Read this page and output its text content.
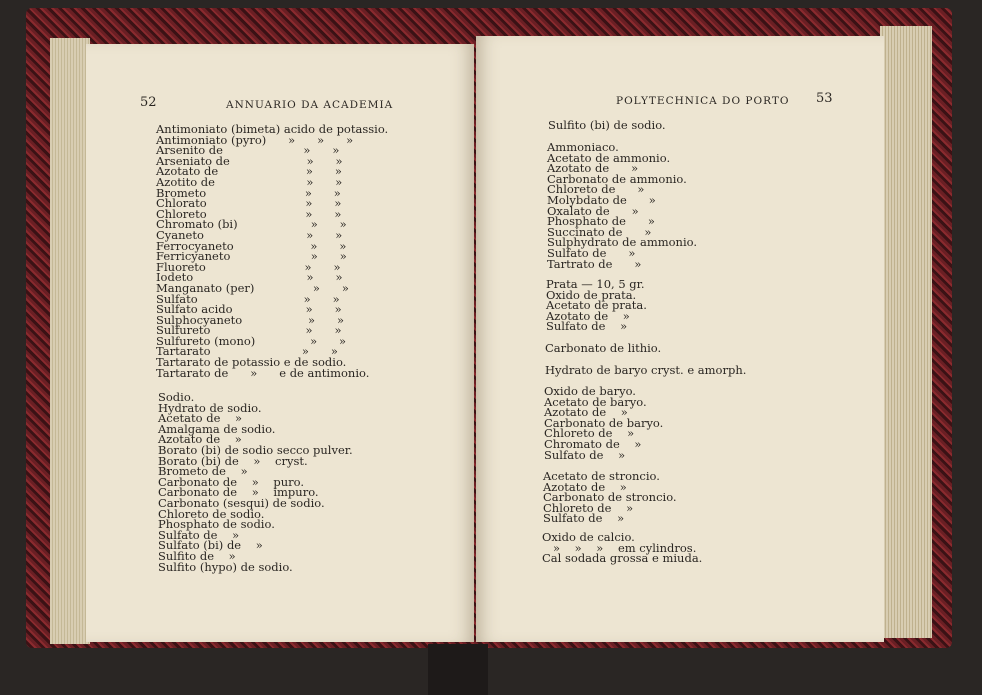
52	ANNUARIO DA ACADEMIA
Antimoniato (bimeta) acido de potassio.
Antimoniato (pyro)      »      »      »
Arsenito de                      »      »
Arseniato de                     »      »
Azotato de                        »      »
Azotito de                         »      »
Brometo                           »      »
Chlorato                           »      »
Chloreto                           »      »
Chromato (bi)                    »      »
Cyaneto                            »      »
Ferrocyaneto                     »      »
Ferricyaneto                      »      »
Fluoreto                           »      »
Iodeto                               »      »
Manganato (per)                »      »
Sulfato                             »      »
Sulfato acido                    »      »
Sulphocyaneto                  »      »
Sulfureto                          »      »
Sulfureto (mono)               »      »
Tartarato                         »      »
Tartarato de potassio e de sodio.
Tartarato de      »      e de antimonio.
Sodio.
Hydrato de sodio.
Acetato de    »
Amalgama de sodio.
Azotato de    »
Borato (bi) de sodio secco pulver.
Borato (bi) de    »    cryst.
Brometo de    »
Carbonato de    »    puro.
Carbonato de    »    impuro.
Carbonato (sesqui) de sodio.
Chloreto de sodio.
Phosphato de sodio.
Sulfato de    »
Sulfato (bi) de    »
Sulfito de    »
Sulfito (hypo) de sodio.
POLYTECHNICA DO PORTO 53
Sulfito (bi) de sodio.
Ammoniaco.
Acetato de ammonio.
Azotato de      »
Carbonato de ammonio.
Chloreto de      »
Molybdato de      »
Oxalato de      »
Phosphato de      »
Succinato de      »
Sulphydrato de ammonio.
Sulfato de      »
Tartrato de      »
Prata — 10, 5 gr.
Oxido de prata.
Acetato de prata.
Azotato de    »
Sulfato de    »
Carbonato de lithio.
Hydrato de baryo cryst. e amorph.
Oxido de baryo.
Acetato de baryo.
Azotato de    »
Carbonato de baryo.
Chloreto de    »
Chromato de    »
Sulfato de    »
Acetato de stroncio.
Azotato de    »
Carbonato de stroncio.
Chloreto de    »
Sulfato de    »
Oxido de calcio.
»    »    »    em cylindros.
Cal sodada grossa e miuda.
